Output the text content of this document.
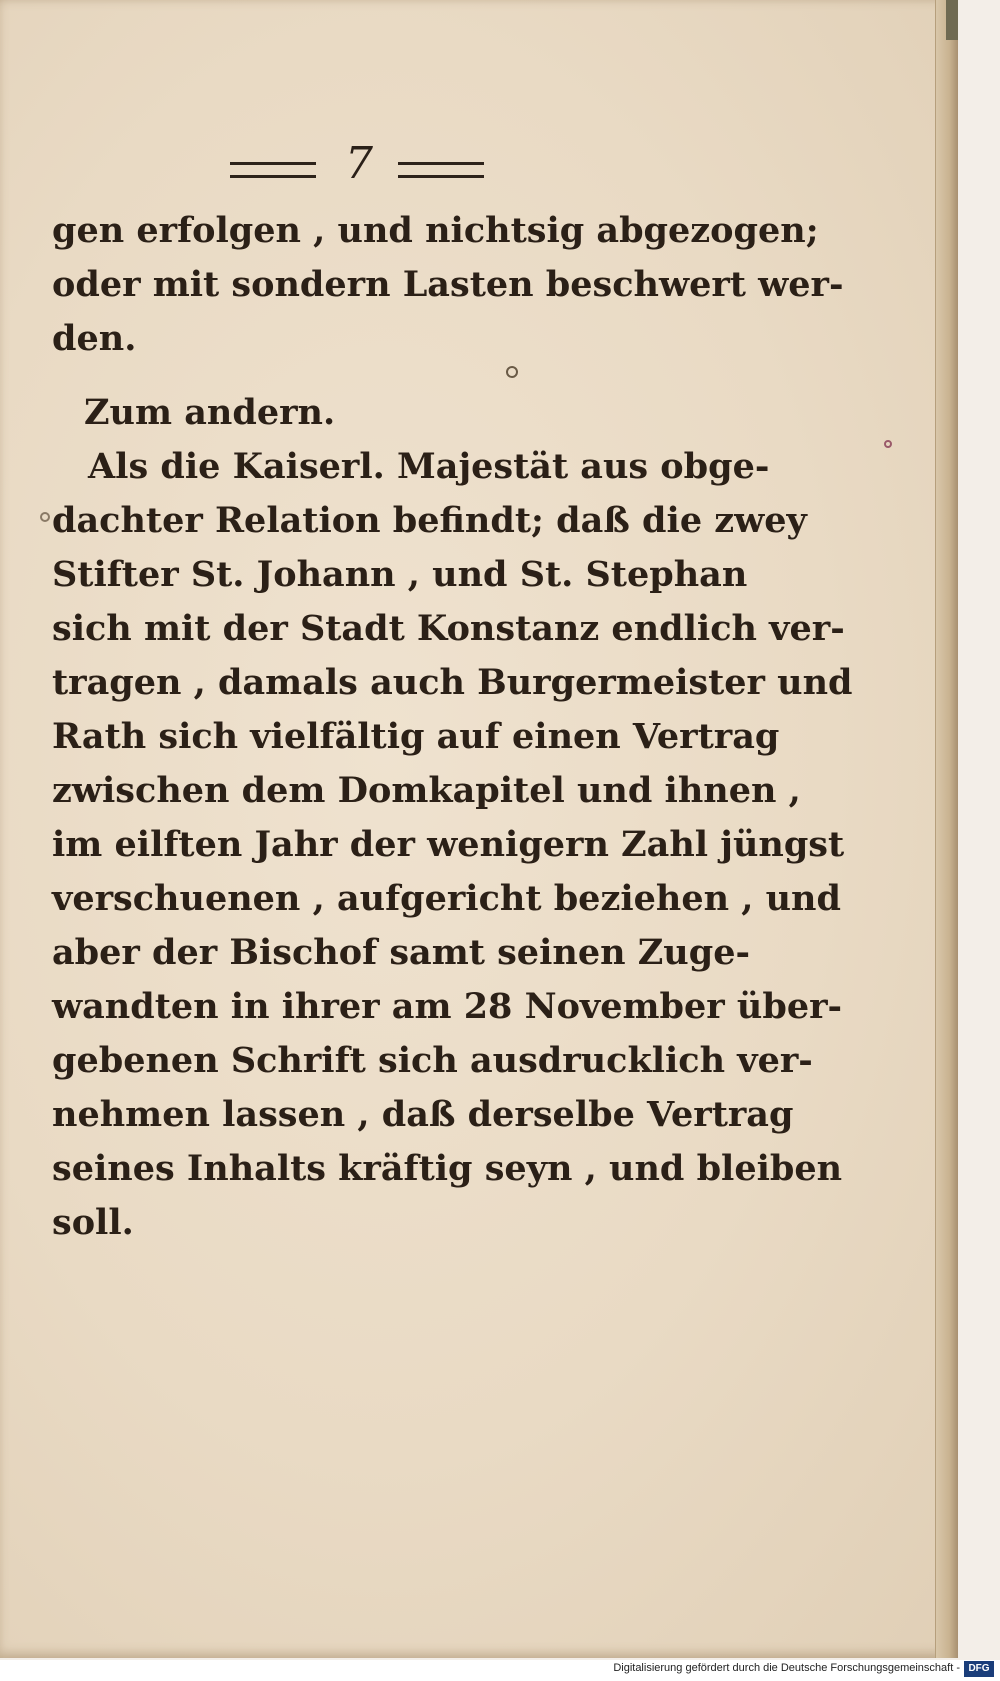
7
gen erfolgen , und nichtsig abgezogen;
oder mit sondern Lasten beschwert wer-
den.
Zum andern.
Als die Kaiserl. Majestät aus obge-
dachter Relation befindt; daß die zwey
Stifter St. Johann , und St. Stephan
sich mit der Stadt Konstanz endlich ver-
tragen , damals auch Burgermeister und
Rath sich vielfältig auf einen Vertrag
zwischen dem Domkapitel und ihnen ,
im eilften Jahr der wenigern Zahl jüngst
verschuenen , aufgericht beziehen , und
aber der Bischof samt seinen Zuge-
wandten in ihrer am 28 November über-
gebenen Schrift sich ausdrucklich ver-
nehmen lassen , daß derselbe Vertrag
seines Inhalts kräftig seyn , und bleiben
soll.
Digitalisierung gefördert durch die Deutsche Forschungsgemeinschaft - DFG
